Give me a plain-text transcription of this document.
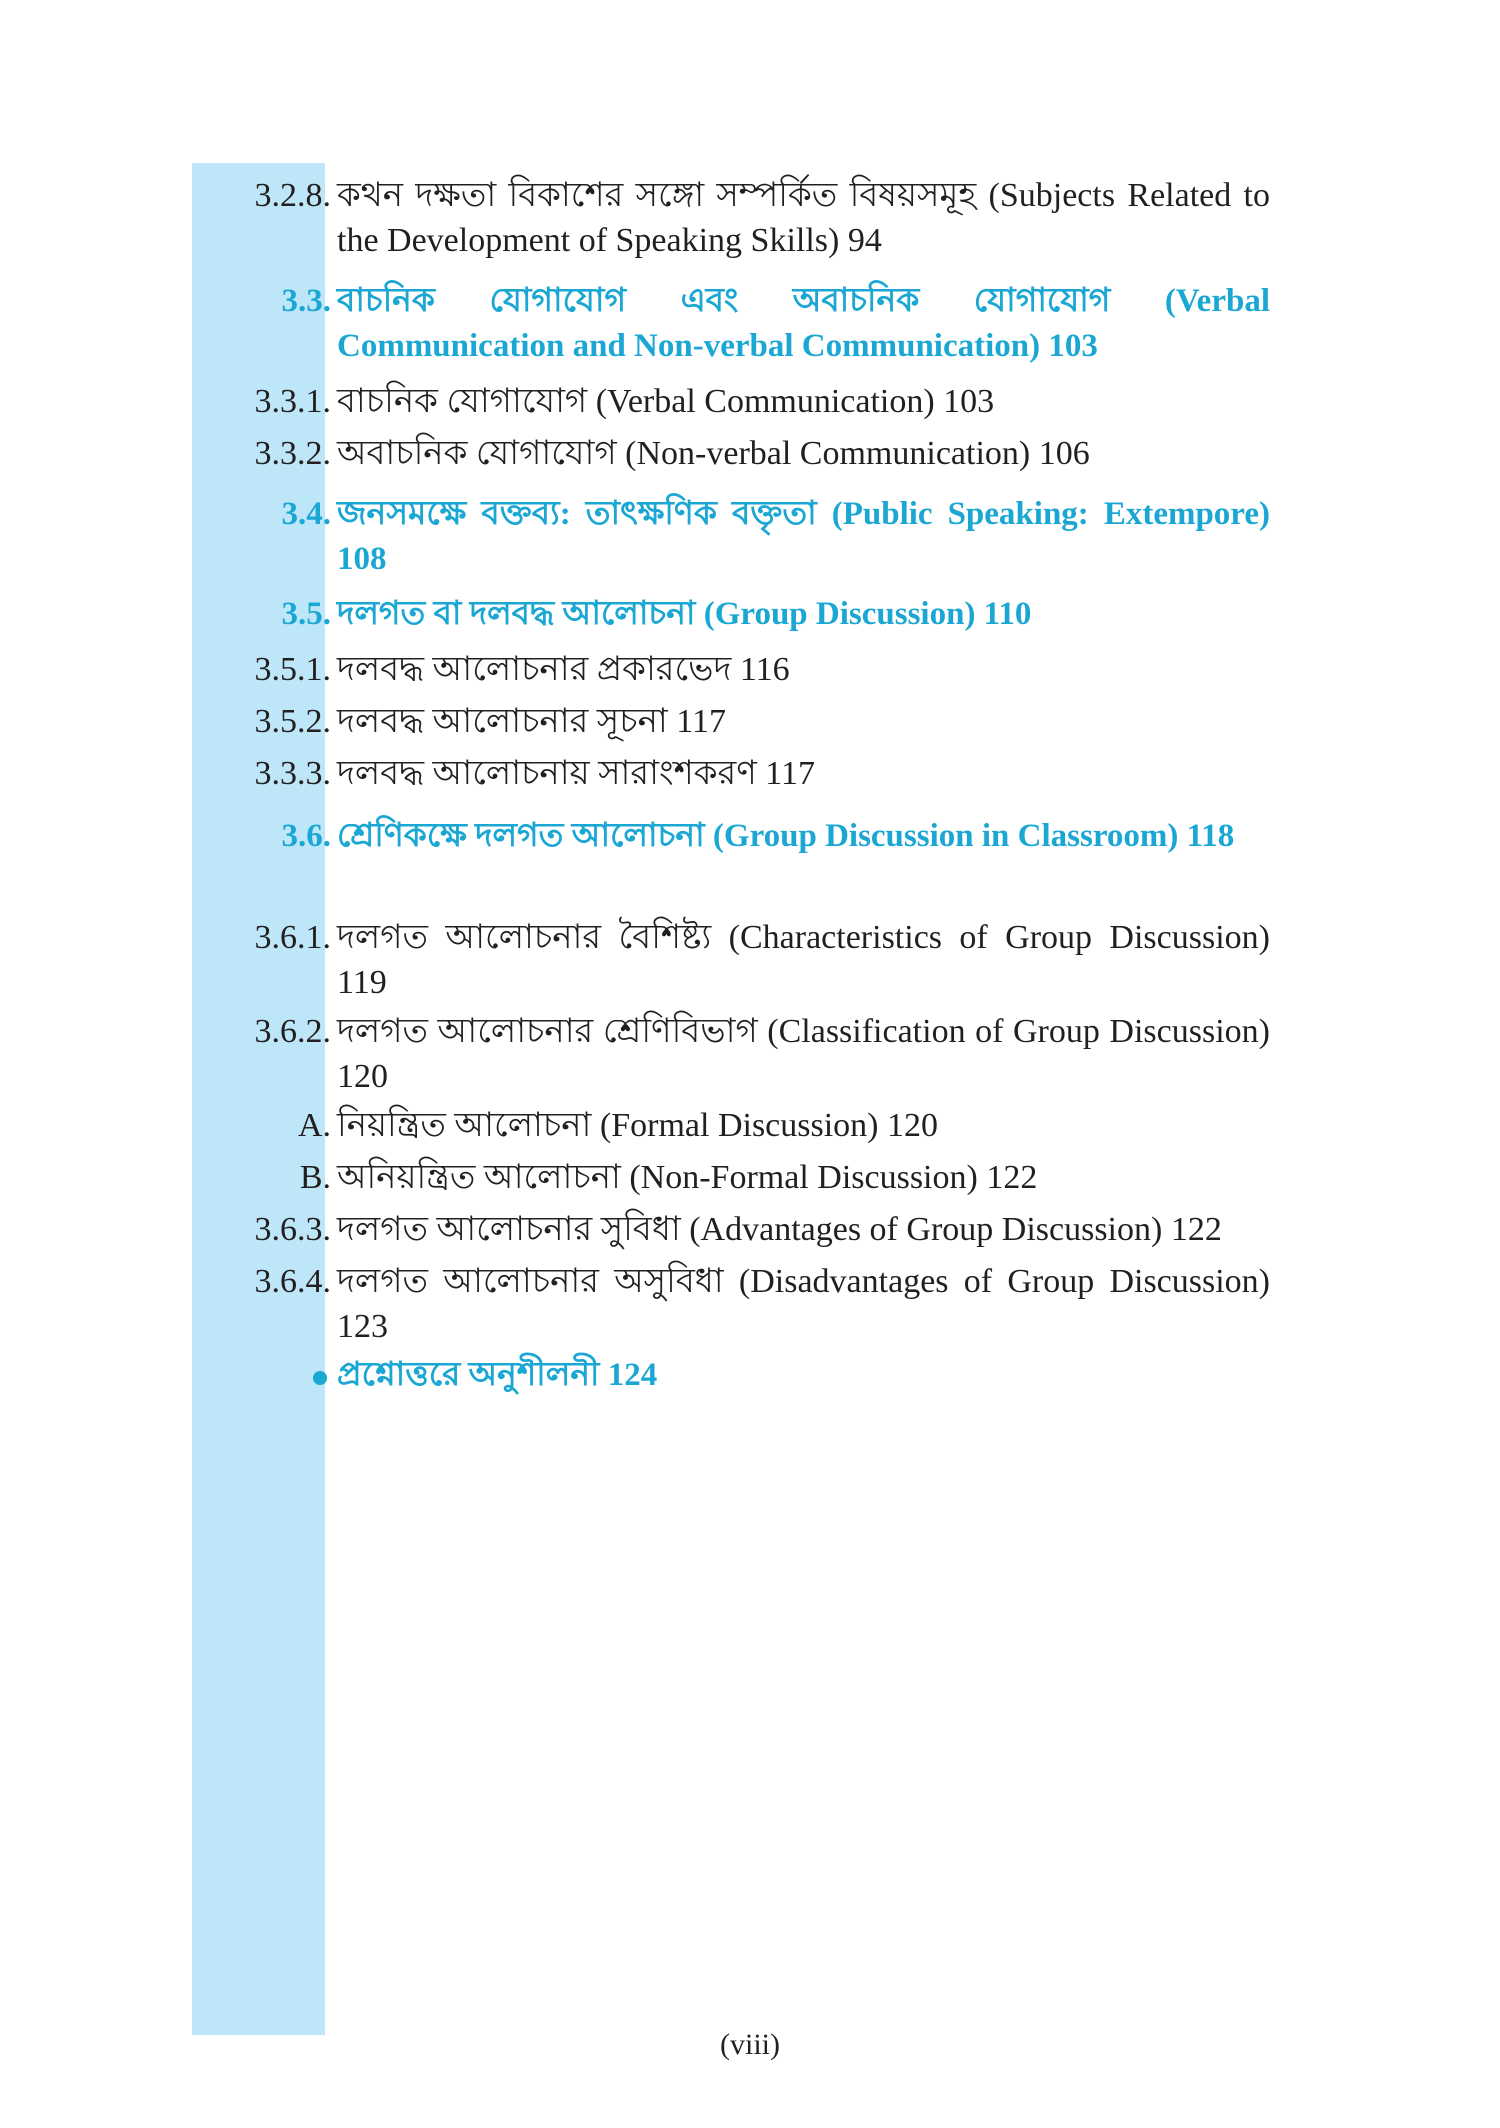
3.2.8. কথন দক্ষতা বিকাশের সঙ্গো সম্পর্কিত বিষয়সমূহ (Subjects Related to the Development of Speaking Skills) 94
3.3. বাচনিক যোগাযোগ এবং অবাচনিক যোগাযোগ (Verbal Communication and Non-verbal Communication) 103
3.3.1. বাচনিক যোগাযোগ (Verbal Communication) 103
3.3.2. অবাচনিক যোগাযোগ (Non-verbal Communication) 106
3.4. জনসমক্ষে বক্তব্য: তাৎক্ষণিক বক্তৃতা (Public Speaking: Extempore) 108
3.5. দলগত বা দলবদ্ধ আলোচনা (Group Discussion) 110
3.5.1. দলবদ্ধ আলোচনার প্রকারভেদ 116
3.5.2. দলবদ্ধ আলোচনার সূচনা 117
3.3.3. দলবদ্ধ আলোচনায় সারাংশকরণ 117
3.6. শ্রেণিকক্ষে দলগত আলোচনা (Group Discussion in Classroom) 118
3.6.1. দলগত আলোচনার বৈশিষ্ট্য (Characteristics of Group Discussion) 119
3.6.2. দলগত আলোচনার শ্রেণিবিভাগ (Classification of Group Discussion) 120
A. নিয়ন্ত্রিত আলোচনা (Formal Discussion) 120
B. অনিয়ন্ত্রিত আলোচনা (Non-Formal Discussion) 122
3.6.3. দলগত আলোচনার সুবিধা (Advantages of Group Discussion) 122
3.6.4. দলগত আলোচনার অসুবিধা (Disadvantages of Group Discussion) 123
প্রশ্নোত্তরে অনুশীলনী 124
(viii)
